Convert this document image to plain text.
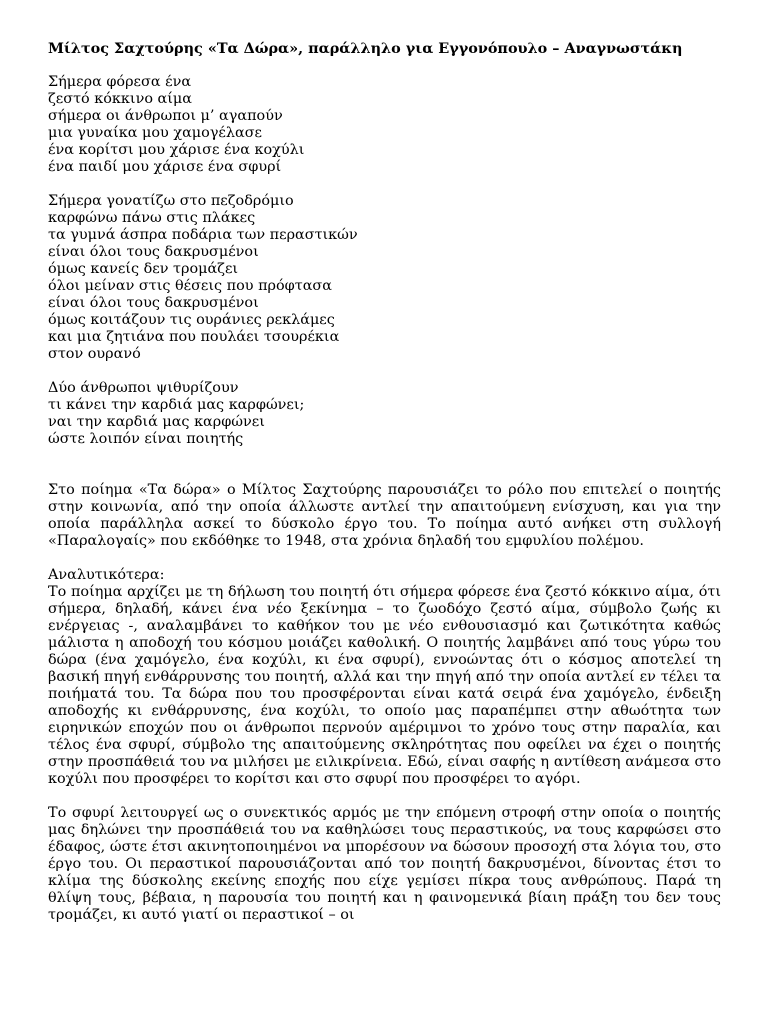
Μίλτος Σαχτούρης «Τα Δώρα», παράλληλο για Εγγονόπουλο – Αναγνωστάκη
Σήμερα φόρεσα ένα
ζεστό κόκκινο αίμα
σήμερα οι άνθρωποι μ’ αγαπούν
μια γυναίκα μου χαμογέλασε
ένα κορίτσι μου χάρισε ένα κοχύλι
ένα παιδί μου χάρισε ένα σφυρί
Σήμερα γονατίζω στο πεζοδρόμιο
καρφώνω πάνω στις πλάκες
τα γυμνά άσπρα ποδάρια των περαστικών
είναι όλοι τους δακρυσμένοι
όμως κανείς δεν τρομάζει
όλοι μείναν στις θέσεις που πρόφτασα
είναι όλοι τους δακρυσμένοι
όμως κοιτάζουν τις ουράνιες ρεκλάμες
και μια ζητιάνα που πουλάει τσουρέκια
στον ουρανό
Δύο άνθρωποι ψιθυρίζουν
τι κάνει την καρδιά μας καρφώνει;
ναι την καρδιά μας καρφώνει
ώστε λοιπόν είναι ποιητής
Στο ποίημα «Τα δώρα» ο Μίλτος Σαχτούρης παρουσιάζει το ρόλο που επιτελεί ο ποιητής στην κοινωνία, από την οποία άλλωστε αντλεί την απαιτούμενη ενίσχυση, και για την οποία παράλληλα ασκεί το δύσκολο έργο του. Το ποίημα αυτό ανήκει στη συλλογή «Παραλογαίς» που εκδόθηκε το 1948, στα χρόνια δηλαδή του εμφυλίου πολέμου.
Αναλυτικότερα:
Το ποίημα αρχίζει με τη δήλωση του ποιητή ότι σήμερα φόρεσε ένα ζεστό κόκκινο αίμα, ότι σήμερα, δηλαδή, κάνει ένα νέο ξεκίνημα – το ζωοδόχο ζεστό αίμα, σύμβολο ζωής κι ενέργειας -, αναλαμβάνει το καθήκον του με νέο ενθουσιασμό και ζωτικότητα καθώς μάλιστα η αποδοχή του κόσμου μοιάζει καθολική. Ο ποιητής λαμβάνει από τους γύρω του δώρα (ένα χαμόγελο, ένα κοχύλι, κι ένα σφυρί), εννοώντας ότι ο κόσμος αποτελεί τη βασική πηγή ενθάρρυνσης του ποιητή, αλλά και την πηγή από την οποία αντλεί εν τέλει τα ποιήματά του. Τα δώρα που του προσφέρονται είναι κατά σειρά ένα χαμόγελο, ένδειξη αποδοχής κι ενθάρρυνσης, ένα κοχύλι, το οποίο μας παραπέμπει στην αθωότητα των ειρηνικών εποχών που οι άνθρωποι περνούν αμέριμνοι το χρόνο τους στην παραλία, και τέλος ένα σφυρί, σύμβολο της απαιτούμενης σκληρότητας που οφείλει να έχει ο ποιητής στην προσπάθειά του να μιλήσει με ειλικρίνεια. Εδώ, είναι σαφής η αντίθεση ανάμεσα στο κοχύλι που προσφέρει το κορίτσι και στο σφυρί που προσφέρει το αγόρι.
Το σφυρί λειτουργεί ως ο συνεκτικός αρμός με την επόμενη στροφή στην οποία ο ποιητής μας δηλώνει την προσπάθειά του να καθηλώσει τους περαστικούς, να τους καρφώσει στο έδαφος, ώστε έτσι ακινητοποιημένοι να μπορέσουν να δώσουν προσοχή στα λόγια του, στο έργο του. Οι περαστικοί παρουσιάζονται από τον ποιητή δακρυσμένοι, δίνοντας έτσι το κλίμα της δύσκολης εκείνης εποχής που είχε γεμίσει πίκρα τους ανθρώπους. Παρά τη θλίψη τους, βέβαια, η παρουσία του ποιητή και η φαινομενικά βίαιη πράξη του δεν τους τρομάζει, κι αυτό γιατί οι περαστικοί – οι
